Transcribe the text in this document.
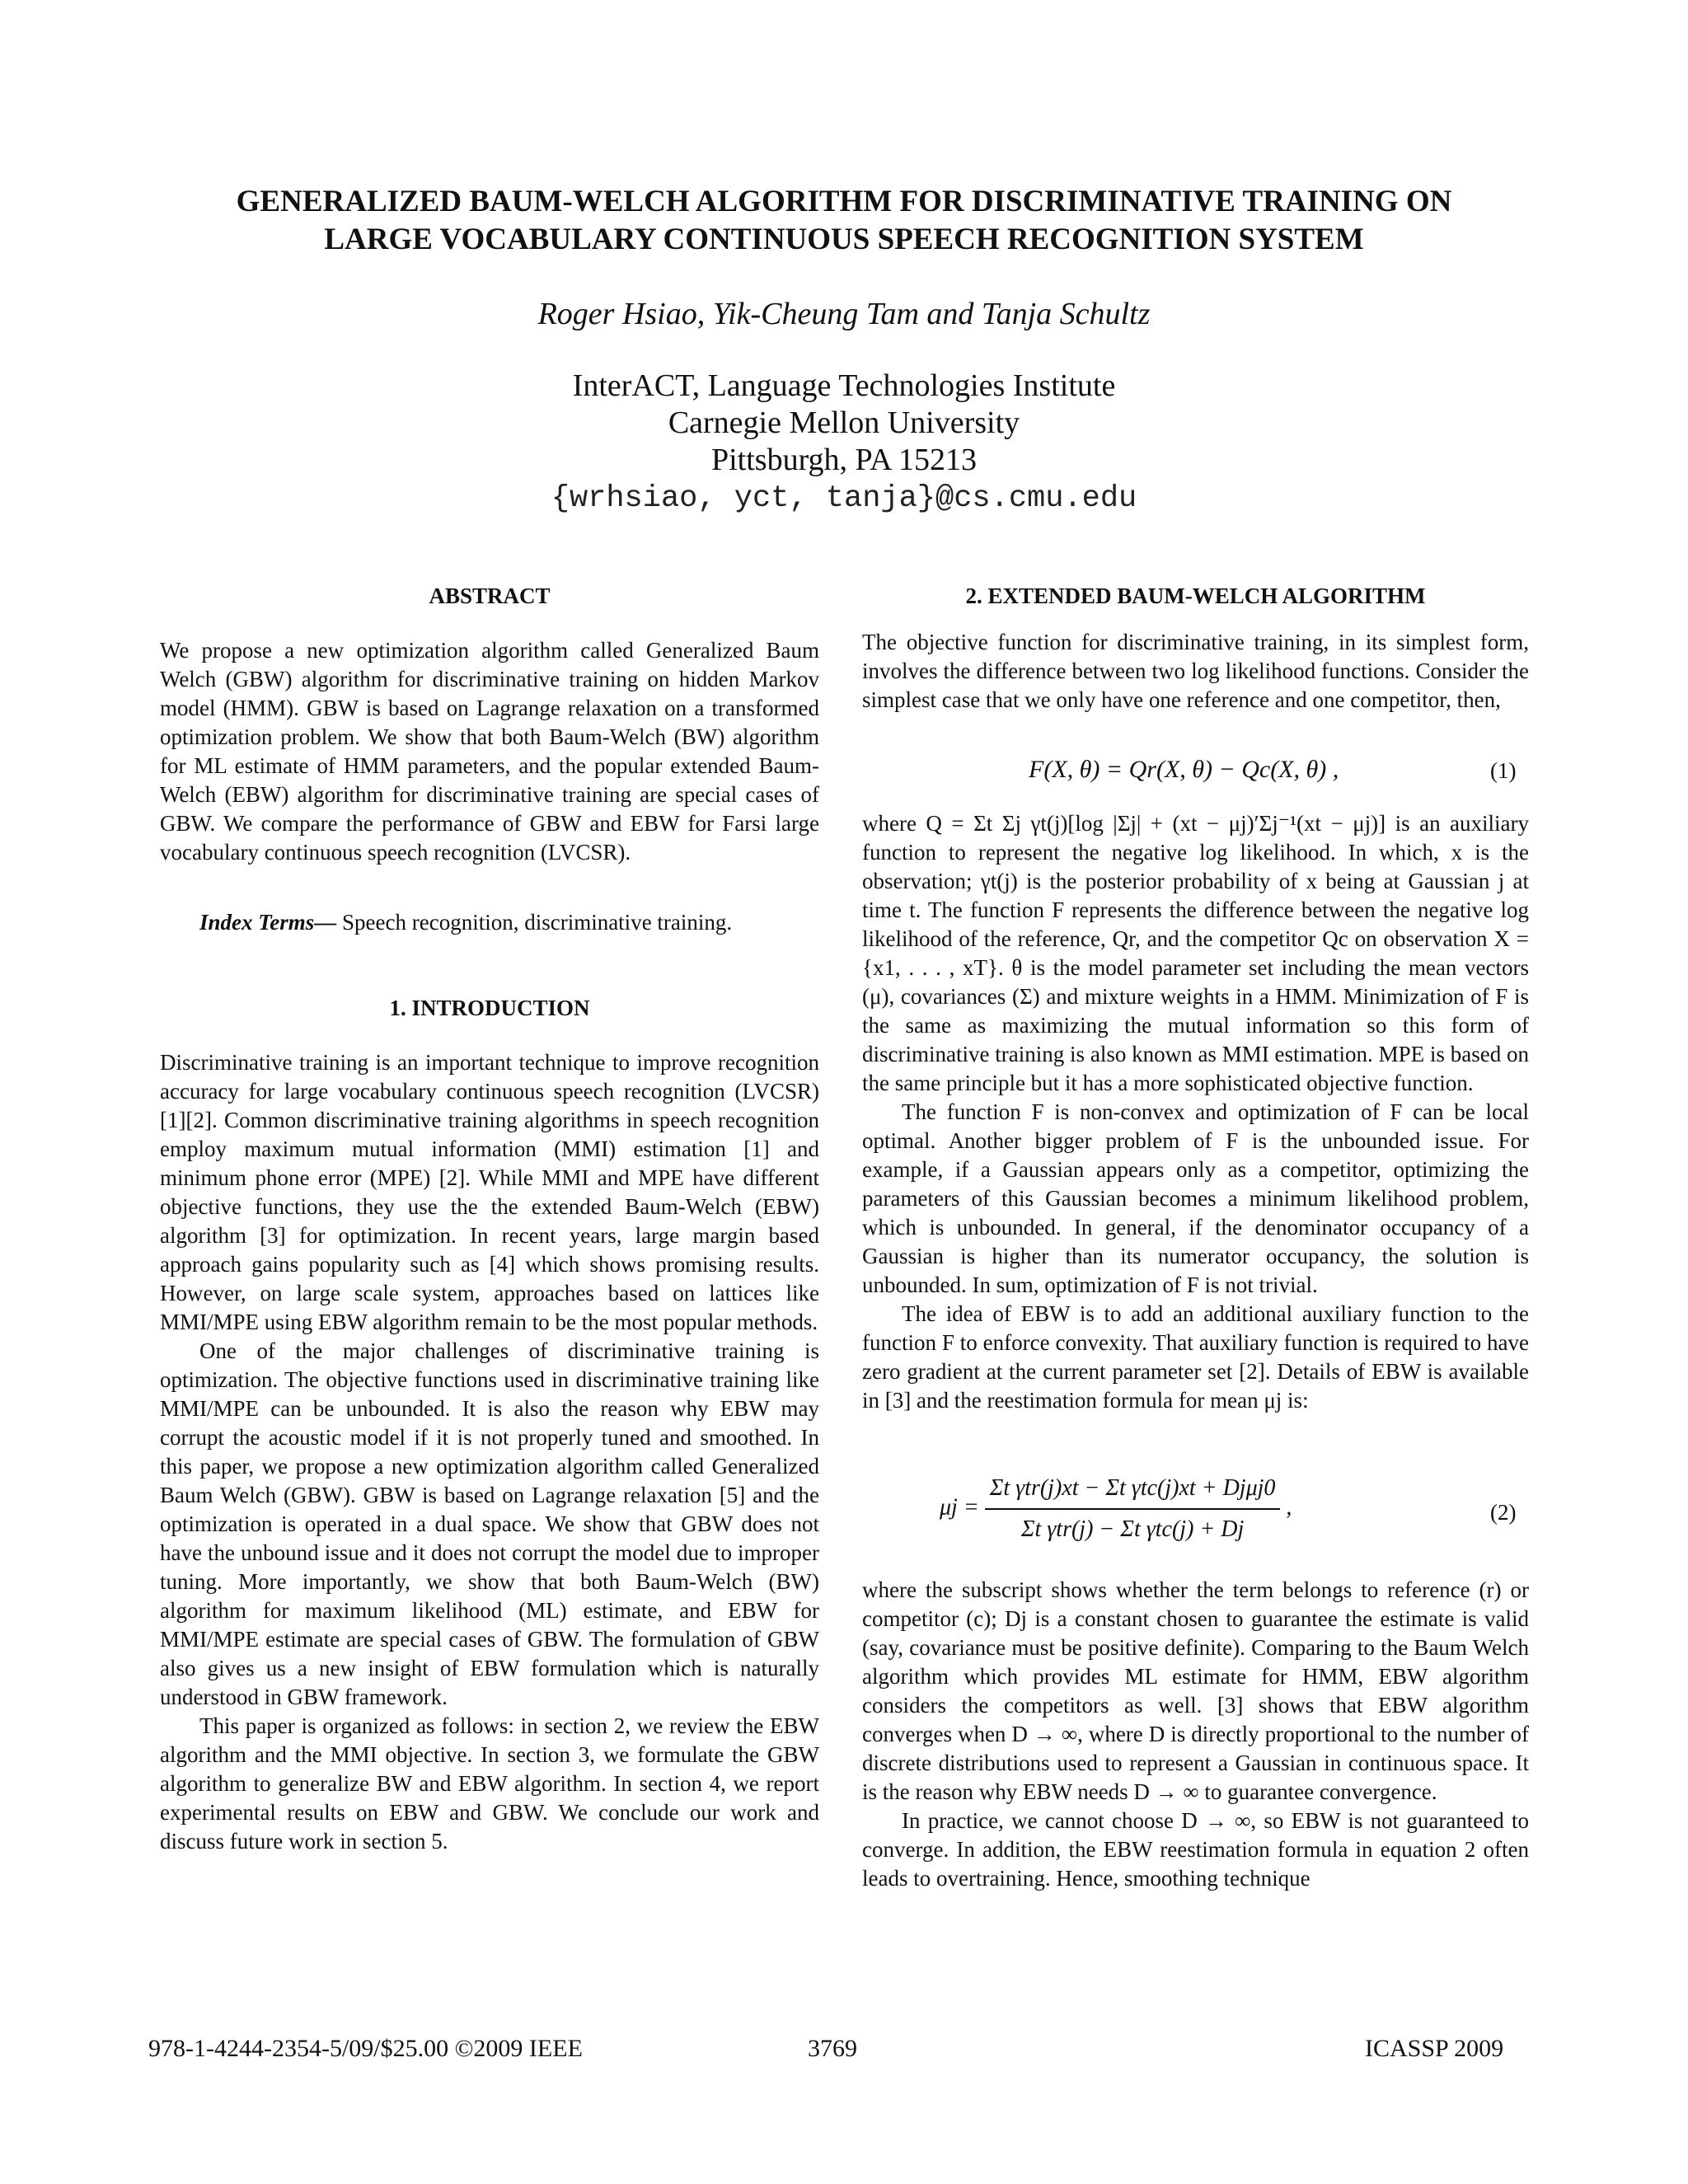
GENERALIZED BAUM-WELCH ALGORITHM FOR DISCRIMINATIVE TRAINING ON
LARGE VOCABULARY CONTINUOUS SPEECH RECOGNITION SYSTEM
Roger Hsiao, Yik-Cheung Tam and Tanja Schultz
InterACT, Language Technologies Institute
Carnegie Mellon University
Pittsburgh, PA 15213
{wrhsiao, yct, tanja}@cs.cmu.edu
ABSTRACT

We propose a new optimization algorithm called Generalized Baum Welch (GBW) algorithm for discriminative training on hidden Markov model (HMM). GBW is based on Lagrange relaxation on a transformed optimization problem. We show that both Baum-Welch (BW) algorithm for ML estimate of HMM parameters, and the popular extended Baum-Welch (EBW) algorithm for discriminative training are special cases of GBW. We compare the performance of GBW and EBW for Farsi large vocabulary continuous speech recognition (LVCSR).

Index Terms— Speech recognition, discriminative training.

1. INTRODUCTION

Discriminative training is an important technique to improve recognition accuracy for large vocabulary continuous speech recognition (LVCSR) [1][2]. Common discriminative training algorithms in speech recognition employ maximum mutual information (MMI) estimation [1] and minimum phone error (MPE) [2]. While MMI and MPE have different objective functions, they use the the extended Baum-Welch (EBW) algorithm [3] for optimization. In recent years, large margin based approach gains popularity such as [4] which shows promising results. However, on large scale system, approaches based on lattices like MMI/MPE using EBW algorithm remain to be the most popular methods.

One of the major challenges of discriminative training is optimization. The objective functions used in discriminative training like MMI/MPE can be unbounded. It is also the reason why EBW may corrupt the acoustic model if it is not properly tuned and smoothed. In this paper, we propose a new optimization algorithm called Generalized Baum Welch (GBW). GBW is based on Lagrange relaxation [5] and the optimization is operated in a dual space. We show that GBW does not have the unbound issue and it does not corrupt the model due to improper tuning. More importantly, we show that both Baum-Welch (BW) algorithm for maximum likelihood (ML) estimate, and EBW for MMI/MPE estimate are special cases of GBW. The formulation of GBW also gives us a new insight of EBW formulation which is naturally understood in GBW framework.

This paper is organized as follows: in section 2, we review the EBW algorithm and the MMI objective. In section 3, we formulate the GBW algorithm to generalize BW and EBW algorithm. In section 4, we report experimental results on EBW and GBW. We conclude our work and discuss future work in section 5.

2. EXTENDED BAUM-WELCH ALGORITHM

The objective function for discriminative training, in its simplest form, involves the difference between two log likelihood functions. Consider the simplest case that we only have one reference and one competitor, then,

F(X, θ) = Qr(X, θ) − Qc(X, θ) ,	(1)

where Q = Σt Σj γt(j)[log |Σj| + (xt − μj)′Σj⁻¹(xt − μj)] is an auxiliary function to represent the negative log likelihood. In which, x is the observation; γt(j) is the posterior probability of x being at Gaussian j at time t. The function F represents the difference between the negative log likelihood of the reference, Qr, and the competitor Qc on observation X = {x1, . . . , xT}. θ is the model parameter set including the mean vectors (μ), covariances (Σ) and mixture weights in a HMM. Minimization of F is the same as maximizing the mutual information so this form of discriminative training is also known as MMI estimation. MPE is based on the same principle but it has a more sophisticated objective function.

The function F is non-convex and optimization of F can be local optimal. Another bigger problem of F is the unbounded issue. For example, if a Gaussian appears only as a competitor, optimizing the parameters of this Gaussian becomes a minimum likelihood problem, which is unbounded. In general, if the denominator occupancy of a Gaussian is higher than its numerator occupancy, the solution is unbounded. In sum, optimization of F is not trivial.

The idea of EBW is to add an additional auxiliary function to the function F to enforce convexity. That auxiliary function is required to have zero gradient at the current parameter set [2]. Details of EBW is available in [3] and the reestimation formula for mean μj is:

$\mu j = \frac{\text{Σt γtr(j)xt − Σt γtc(j)xt + Djμj0}}{\text{Σt γtr(j) − Σt γtc(j) + Dj}}$ ,	(2)

where the subscript shows whether the term belongs to reference (r) or competitor (c); Dj is a constant chosen to guarantee the estimate is valid (say, covariance must be positive definite). Comparing to the Baum Welch algorithm which provides ML estimate for HMM, EBW algorithm considers the competitors as well. [3] shows that EBW algorithm converges when D → ∞, where D is directly proportional to the number of discrete distributions used to represent a Gaussian in continuous space. It is the reason why EBW needs D → ∞ to guarantee convergence.

In practice, we cannot choose D → ∞, so EBW is not guaranteed to converge. In addition, the EBW reestimation formula in equation 2 often leads to overtraining. Hence, smoothing technique

978-1-4244-2354-5/09/$25.00 ©2009 IEEE	3769	ICASSP 2009
